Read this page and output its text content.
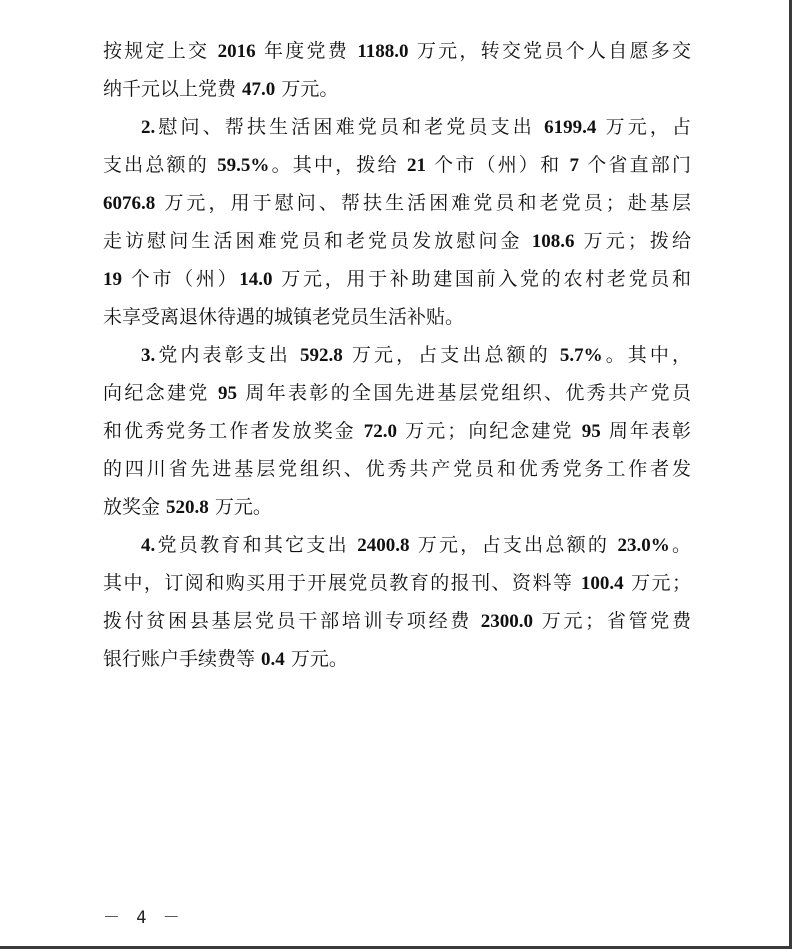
按规定上交 2016 年度党费 1188.0 万元，转交党员个人自愿多交
纳千元以上党费 47.0 万元。
2.慰问、帮扶生活困难党员和老党员支出 6199.4 万元，占
支出总额的 59.5%。其中，拨给 21 个市（州）和 7 个省直部门
6076.8 万元，用于慰问、帮扶生活困难党员和老党员；赴基层
走访慰问生活困难党员和老党员发放慰问金 108.6 万元；拨给
19 个市（州）14.0 万元，用于补助建国前入党的农村老党员和
未享受离退休待遇的城镇老党员生活补贴。
3.党内表彰支出 592.8 万元，占支出总额的 5.7%。其中，
向纪念建党 95 周年表彰的全国先进基层党组织、优秀共产党员
和优秀党务工作者发放奖金 72.0 万元；向纪念建党 95 周年表彰
的四川省先进基层党组织、优秀共产党员和优秀党务工作者发
放奖金 520.8 万元。
4.党员教育和其它支出 2400.8 万元，占支出总额的 23.0%。
其中，订阅和购买用于开展党员教育的报刊、资料等 100.4 万元；
拨付贫困县基层党员干部培训专项经费 2300.0 万元；省管党费
银行账户手续费等 0.4 万元。
－ 4 －
